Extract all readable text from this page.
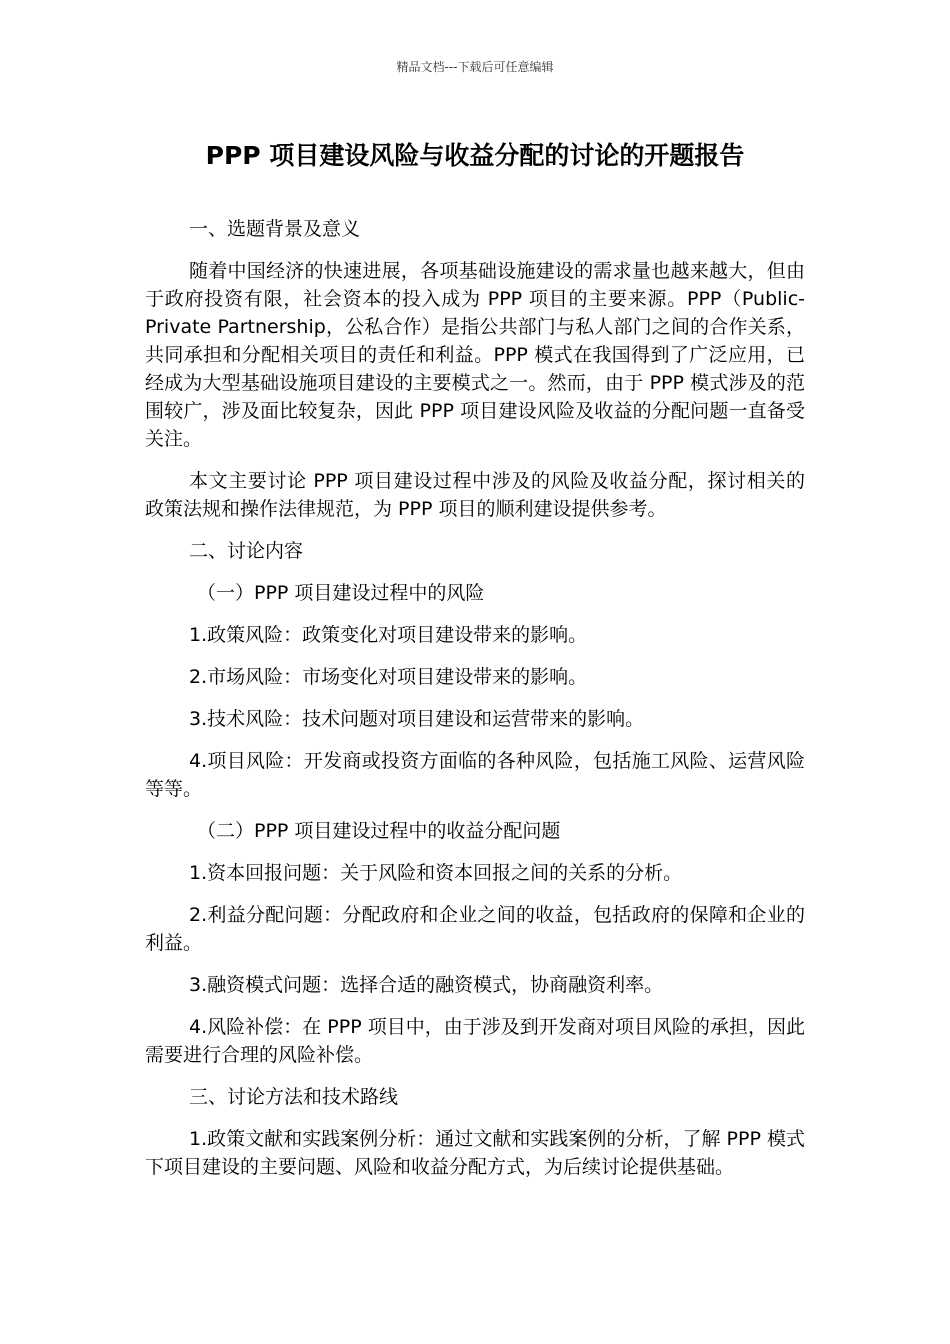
精品文档---下载后可任意编辑
PPP 项目建设风险与收益分配的讨论的开题报告

一、选题背景及意义

随着中国经济的快速进展，各项基础设施建设的需求量也越来越大，但由于政府投资有限，社会资本的投入成为 PPP 项目的主要来源。PPP（Public-Private Partnership，公私合作）是指公共部门与私人部门之间的合作关系，共同承担和分配相关项目的责任和利益。PPP 模式在我国得到了广泛应用，已经成为大型基础设施项目建设的主要模式之一。然而，由于 PPP 模式涉及的范围较广，涉及面比较复杂，因此 PPP 项目建设风险及收益的分配问题一直备受关注。

本文主要讨论 PPP 项目建设过程中涉及的风险及收益分配，探讨相关的政策法规和操作法律规范，为 PPP 项目的顺利建设提供参考。

二、讨论内容

（一）PPP 项目建设过程中的风险

1.政策风险：政策变化对项目建设带来的影响。

2.市场风险：市场变化对项目建设带来的影响。

3.技术风险：技术问题对项目建设和运营带来的影响。

4.项目风险：开发商或投资方面临的各种风险，包括施工风险、运营风险等等。

（二）PPP 项目建设过程中的收益分配问题

1.资本回报问题：关于风险和资本回报之间的关系的分析。

2.利益分配问题：分配政府和企业之间的收益，包括政府的保障和企业的利益。

3.融资模式问题：选择合适的融资模式，协商融资利率。

4.风险补偿：在 PPP 项目中，由于涉及到开发商对项目风险的承担，因此需要进行合理的风险补偿。

三、讨论方法和技术路线

1.政策文献和实践案例分析：通过文献和实践案例的分析，了解 PPP 模式下项目建设的主要问题、风险和收益分配方式，为后续讨论提供基础。
